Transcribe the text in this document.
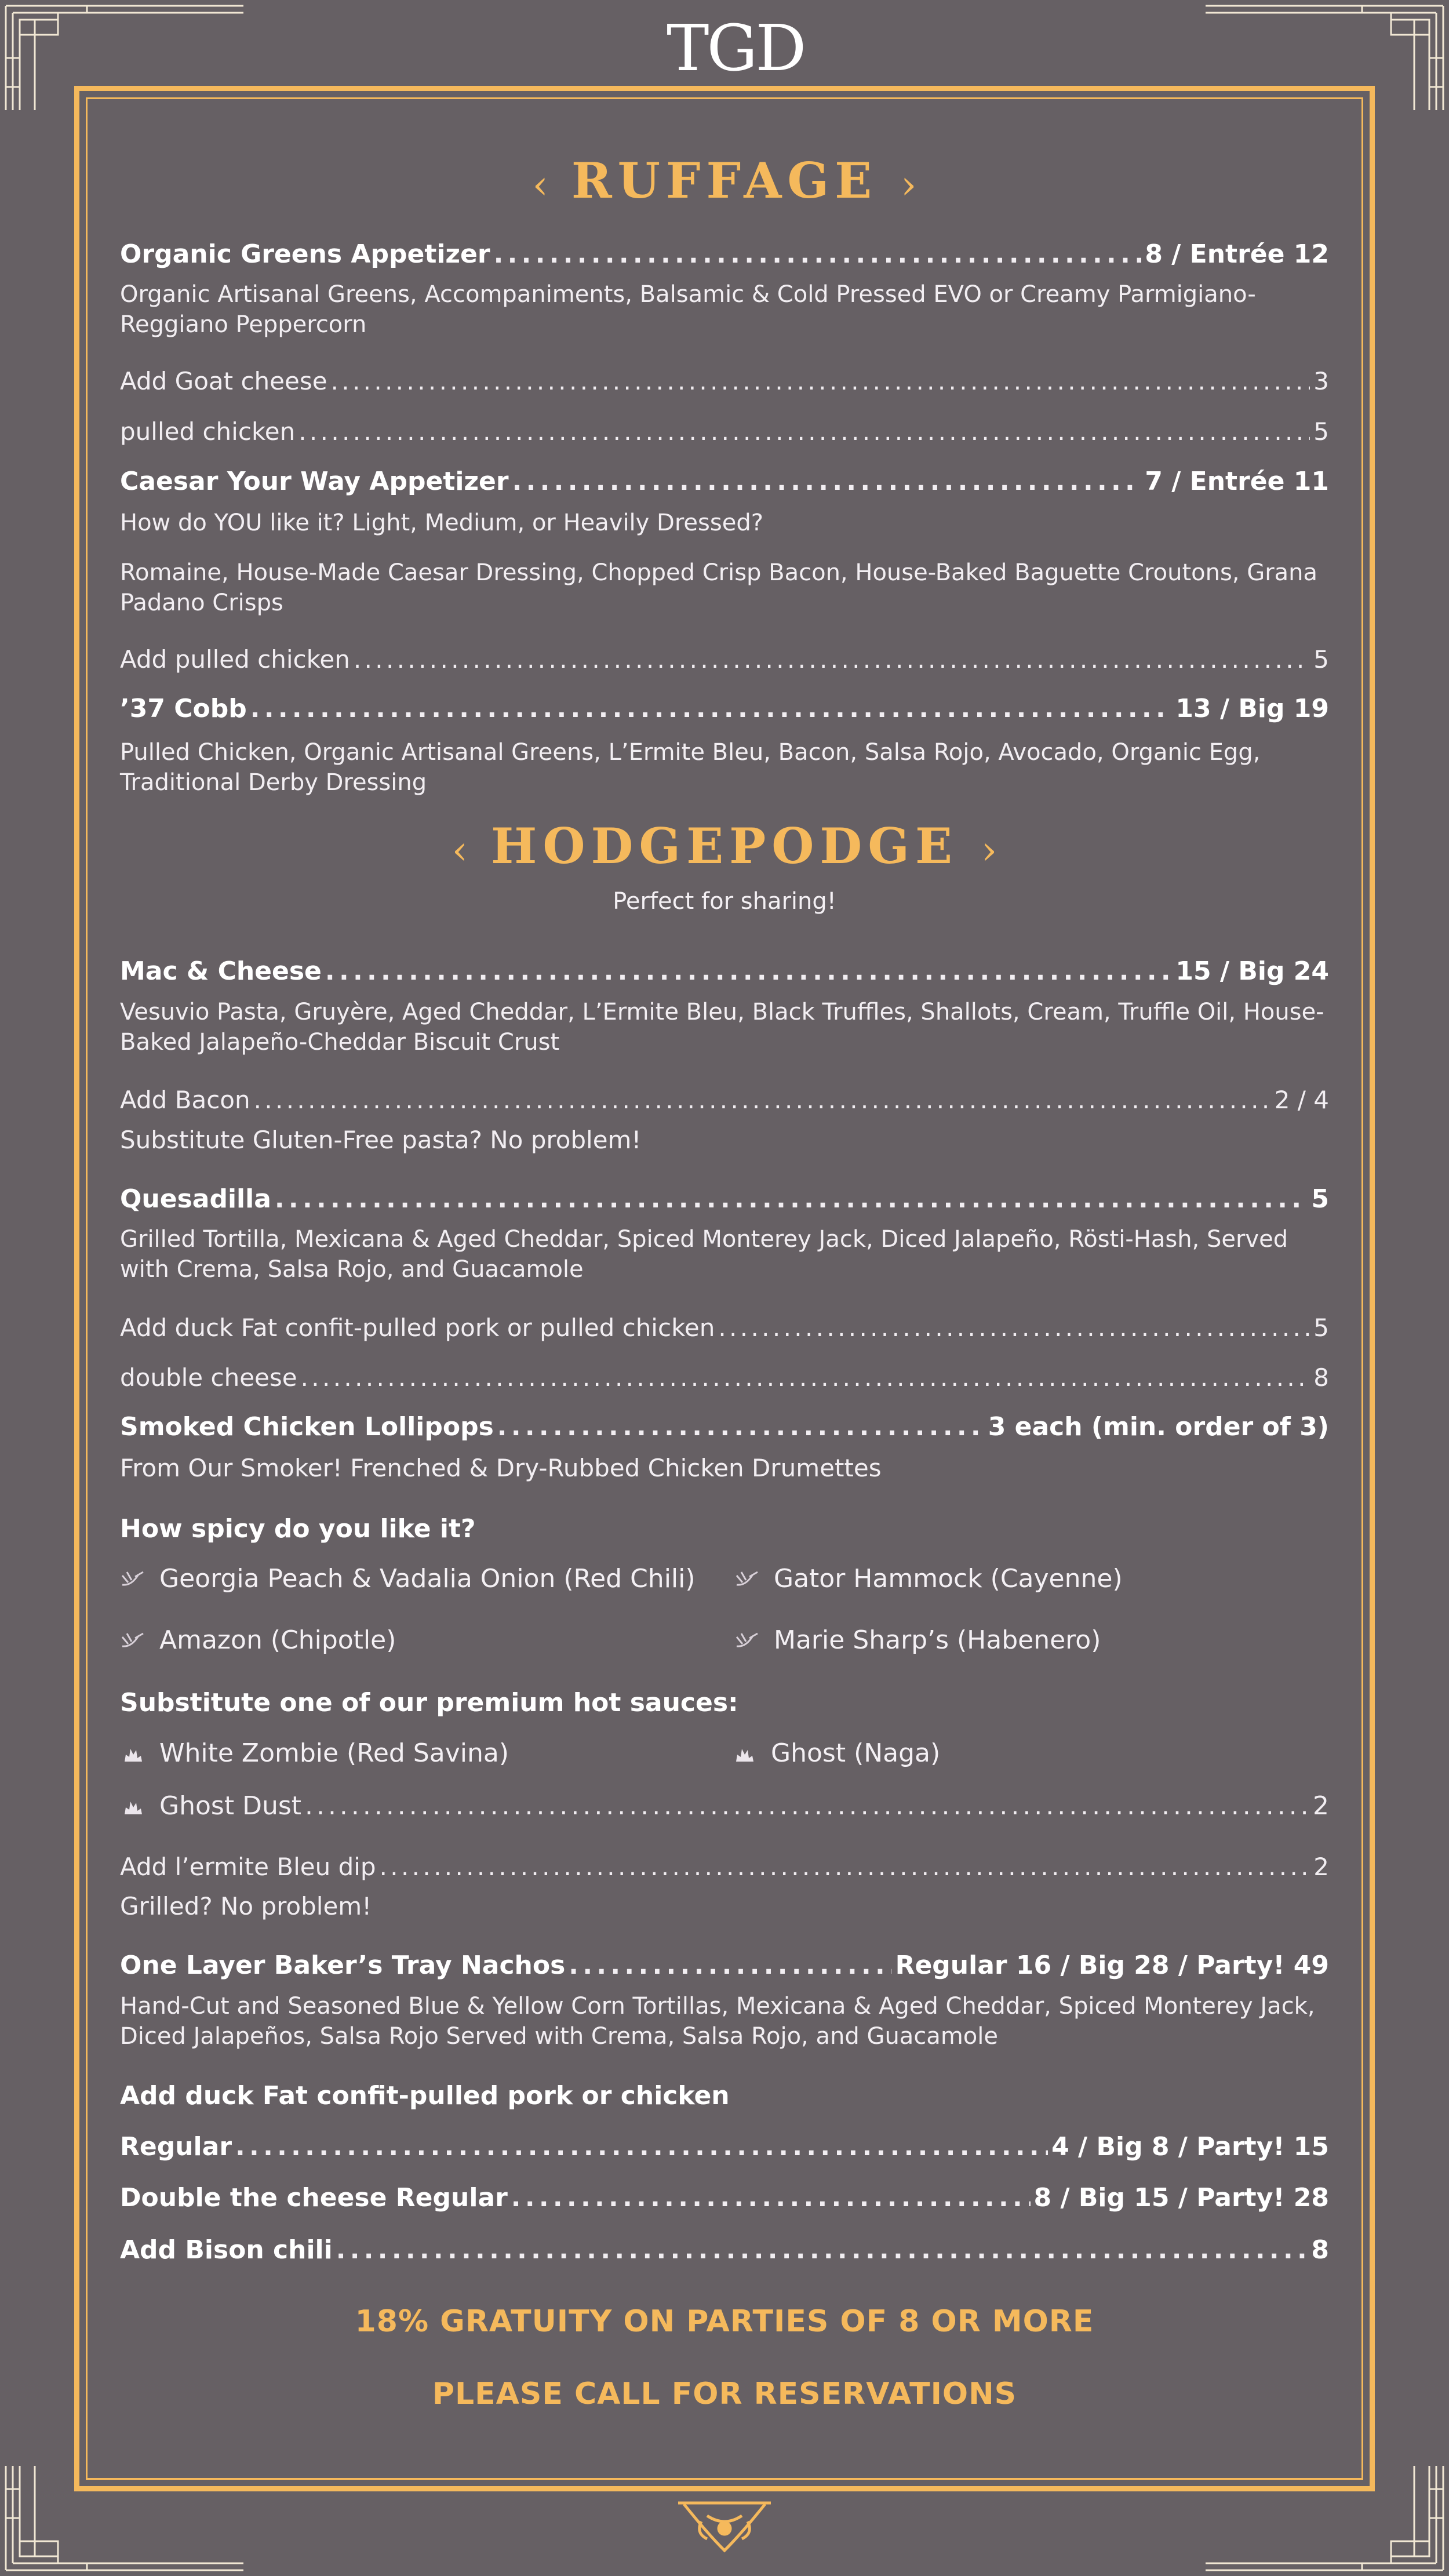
TGD
‹ RUFFAGE ›
Organic Greens Appetizer . . .	8 / Entrée 12
Organic Artisanal Greens, Accompaniments, Balsamic & Cold Pressed EVO or Creamy Parmigiano-Reggiano Peppercorn
Add Goat cheese . . .	3
pulled chicken . . .	5
Caesar Your Way Appetizer . . .	7 / Entrée 11
How do YOU like it? Light, Medium, or Heavily Dressed?
Romaine, House-Made Caesar Dressing, Chopped Crisp Bacon, House-Baked Baguette Croutons, Grana Padano Crisps
Add pulled chicken . . .	5
’37 Cobb . . .	13 / Big 19
Pulled Chicken, Organic Artisanal Greens, L’Ermite Bleu, Bacon, Salsa Rojo, Avocado, Organic Egg, Traditional Derby Dressing
‹ HODGEPODGE ›
Perfect for sharing!
Mac & Cheese . . .	15 / Big 24
Vesuvio Pasta, Gruyère, Aged Cheddar, L’Ermite Bleu, Black Truffles, Shallots, Cream, Truffle Oil, House-Baked Jalapeño-Cheddar Biscuit Crust
Add Bacon . . .	2 / 4
Substitute Gluten-Free pasta? No problem!
Quesadilla . . .	5
Grilled Tortilla, Mexicana & Aged Cheddar, Spiced Monterey Jack, Diced Jalapeño, Rösti-Hash, Served with Crema, Salsa Rojo, and Guacamole
Add duck Fat confit-pulled pork or pulled chicken . . .	5
double cheese . . .	8
Smoked Chicken Lollipops . . .	3 each (min. order of 3)
From Our Smoker! Frenched & Dry-Rubbed Chicken Drumettes
How spicy do you like it?
Georgia Peach & Vadalia Onion (Red Chili)	Gator Hammock (Cayenne)
Amazon (Chipotle)	Marie Sharp’s (Habenero)
Substitute one of our premium hot sauces:
White Zombie (Red Savina)	Ghost (Naga)
Ghost Dust . . .	2
Add l’ermite Bleu dip . . .	2
Grilled? No problem!
One Layer Baker’s Tray Nachos . . .	Regular 16 / Big 28 / Party! 49
Hand-Cut and Seasoned Blue & Yellow Corn Tortillas, Mexicana & Aged Cheddar, Spiced Monterey Jack, Diced Jalapeños, Salsa Rojo Served with Crema, Salsa Rojo, and Guacamole
Add duck Fat confit-pulled pork or chicken
Regular . . .	4 / Big 8 / Party! 15
Double the cheese Regular . . .	8 / Big 15 / Party! 28
Add Bison chili . . .	8
18% GRATUITY ON PARTIES OF 8 OR MORE
PLEASE CALL FOR RESERVATIONS
